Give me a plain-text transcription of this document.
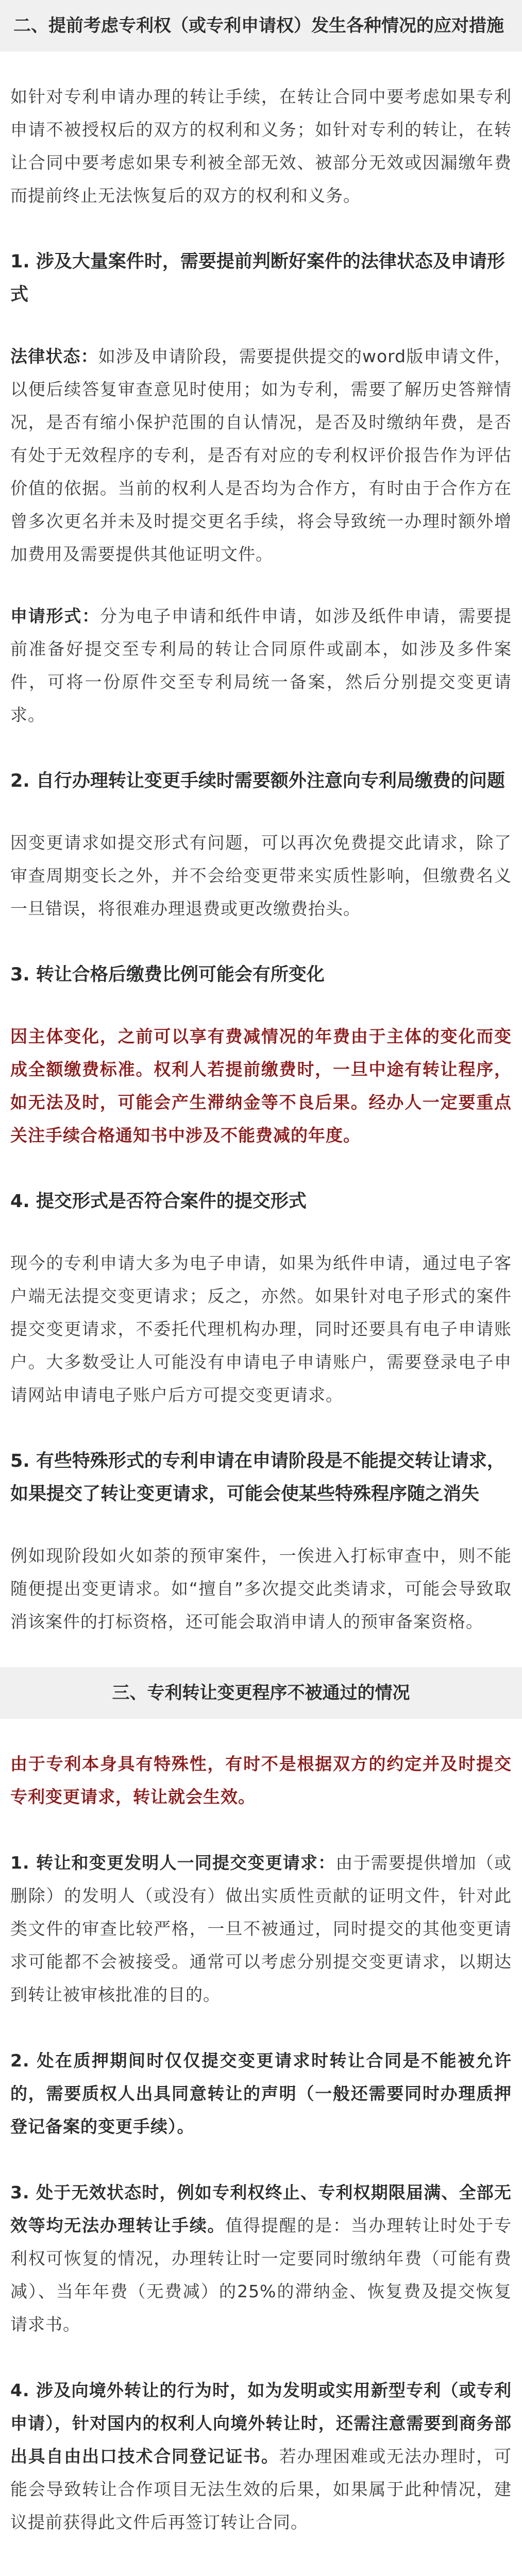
二、提前考虑专利权（或专利申请权）发生各种情况的应对措施

如针对专利申请办理的转让手续，在转让合同中要考虑如果专利申请不被授权后的双方的权利和义务；如针对专利的转让，在转让合同中要考虑如果专利被全部无效、被部分无效或因漏缴年费而提前终止无法恢复后的双方的权利和义务。

1. 涉及大量案件时，需要提前判断好案件的法律状态及申请形式

法律状态：如涉及申请阶段，需要提供提交的word版申请文件，以便后续答复审查意见时使用；如为专利，需要了解历史答辩情况，是否有缩小保护范围的自认情况，是否及时缴纳年费，是否有处于无效程序的专利，是否有对应的专利权评价报告作为评估价值的依据。当前的权利人是否均为合作方，有时由于合作方在曾多次更名并未及时提交更名手续，将会导致统一办理时额外增加费用及需要提供其他证明文件。

申请形式：分为电子申请和纸件申请，如涉及纸件申请，需要提前准备好提交至专利局的转让合同原件或副本，如涉及多件案件，可将一份原件交至专利局统一备案，然后分别提交变更请求。

2. 自行办理转让变更手续时需要额外注意向专利局缴费的问题

因变更请求如提交形式有问题，可以再次免费提交此请求，除了审查周期变长之外，并不会给变更带来实质性影响，但缴费名义一旦错误，将很难办理退费或更改缴费抬头。

3. 转让合格后缴费比例可能会有所变化

因主体变化，之前可以享有费减情况的年费由于主体的变化而变成全额缴费标准。权利人若提前缴费时，一旦中途有转让程序，如无法及时，可能会产生滞纳金等不良后果。经办人一定要重点关注手续合格通知书中涉及不能费减的年度。

4. 提交形式是否符合案件的提交形式

现今的专利申请大多为电子申请，如果为纸件申请，通过电子客户端无法提交变更请求；反之，亦然。如果针对电子形式的案件提交变更请求，不委托代理机构办理，同时还要具有电子申请账户。大多数受让人可能没有申请电子申请账户，需要登录电子申请网站申请电子账户后方可提交变更请求。

5. 有些特殊形式的专利申请在申请阶段是不能提交转让请求，如果提交了转让变更请求，可能会使某些特殊程序随之消失

例如现阶段如火如荼的预审案件，一俟进入打标审查中，则不能随便提出变更请求。如“擅自”多次提交此类请求，可能会导致取消该案件的打标资格，还可能会取消申请人的预审备案资格。

三、专利转让变更程序不被通过的情况

由于专利本身具有特殊性，有时不是根据双方的约定并及时提交专利变更请求，转让就会生效。

1. 转让和变更发明人一同提交变更请求：由于需要提供增加（或删除）的发明人（或没有）做出实质性贡献的证明文件，针对此类文件的审查比较严格，一旦不被通过，同时提交的其他变更请求可能都不会被接受。通常可以考虑分别提交变更请求，以期达到转让被审核批准的目的。

2. 处在质押期间时仅仅提交变更请求时转让合同是不能被允许的，需要质权人出具同意转让的声明（一般还需要同时办理质押登记备案的变更手续）。

3. 处于无效状态时，例如专利权终止、专利权期限届满、全部无效等均无法办理转让手续。值得提醒的是：当办理转让时处于专利权可恢复的情况，办理转让时一定要同时缴纳年费（可能有费减）、当年年费（无费减）的25%的滞纳金、恢复费及提交恢复请求书。

4. 涉及向境外转让的行为时，如为发明或实用新型专利（或专利申请），针对国内的权利人向境外转让时，还需注意需要到商务部出具自由出口技术合同登记证书。若办理困难或无法办理时，可能会导致转让合作项目无法生效的后果，如果属于此种情况，建议提前获得此文件后再签订转让合同。
